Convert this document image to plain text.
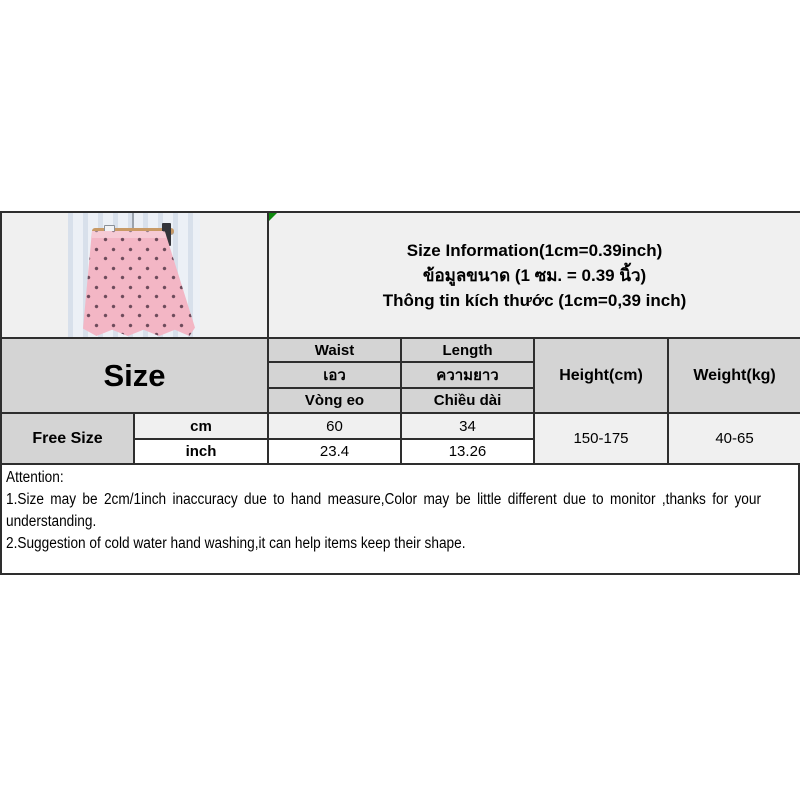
		Size Information(1cm=0.39inch)
ข้อมูลขนาด (1 ซม. = 0.39 นิ้ว)
Thông tin kích thước (1cm=0,39 inch)			

Size		Waist	Length	Height(cm)	Weight(kg)
		เอว	ความยาว		
		Vòng eo	Chiều dài		
Free Size	cm	60	34	150-175	40-65
	inch	23.4	13.26		
Attention:
1.Size may be 2cm/1inch inaccuracy due to hand measure,Color may be little different due to monitor ,thanks for your
understanding.
2.Suggestion of cold water hand washing,it can help items keep their shape.
